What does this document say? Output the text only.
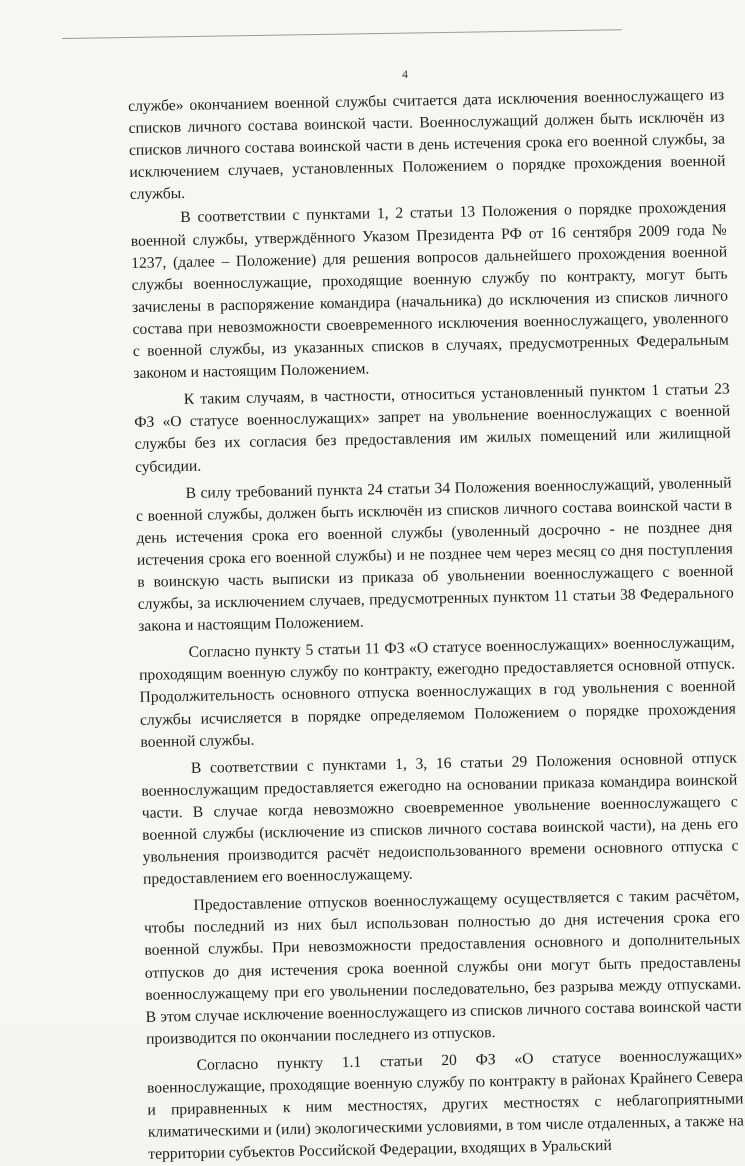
4

службе» окончанием военной службы считается дата исключения военнослужащего из списков личного состава воинской части. Военнослужащий должен быть исключён из списков личного состава воинской части в день истечения срока его военной службы, за исключением случаев, установленных Положением о порядке прохождения военной службы.

В соответствии с пунктами 1, 2 статьи 13 Положения о порядке прохождения военной службы, утверждённого Указом Президента РФ от 16 сентября 2009 года № 1237, (далее – Положение) для решения вопросов дальнейшего прохождения военной службы военнослужащие, проходящие военную службу по контракту, могут быть зачислены в распоряжение командира (начальника) до исключения из списков личного состава при невозможности своевременного исключения военнослужащего, уволенного с военной службы, из указанных списков в случаях, предусмотренных Федеральным законом и настоящим Положением.

К таким случаям, в частности, относиться установленный пунктом 1 статьи 23 ФЗ «О статусе военнослужащих» запрет на увольнение военнослужащих с военной службы без их согласия без предоставления им жилых помещений или жилищной субсидии.

В силу требований пункта 24 статьи 34 Положения военнослужащий, уволенный с военной службы, должен быть исключён из списков личного состава воинской части в день истечения срока его военной службы (уволенный досрочно - не позднее дня истечения срока его военной службы) и не позднее чем через месяц со дня поступления в воинскую часть выписки из приказа об увольнении военнослужащего с военной службы, за исключением случаев, предусмотренных пунктом 11 статьи 38 Федерального закона и настоящим Положением.

Согласно пункту 5 статьи 11 ФЗ «О статусе военнослужащих» военнослужащим, проходящим военную службу по контракту, ежегодно предоставляется основной отпуск. Продолжительность основного отпуска военнослужащих в год увольнения с военной службы исчисляется в порядке определяемом Положением о порядке прохождения военной службы.

В соответствии с пунктами 1, 3, 16 статьи 29 Положения основной отпуск военнослужащим предоставляется ежегодно на основании приказа командира воинской части. В случае когда невозможно своевременное увольнение военнослужащего с военной службы (исключение из списков личного состава воинской части), на день его увольнения производится расчёт недоиспользованного времени основного отпуска с предоставлением его военнослужащему.

Предоставление отпусков военнослужащему осуществляется с таким расчётом, чтобы последний из них был использован полностью до дня истечения срока его военной службы. При невозможности предоставления основного и дополнительных отпусков до дня истечения срока военной службы они могут быть предоставлены военнослужащему при его увольнении последовательно, без разрыва между отпусками. В этом случае исключение военнослужащего из списков личного состава воинской части производится по окончании последнего из отпусков.

Согласно пункту 1.1 статьи 20 ФЗ «О статусе военнослужащих» военнослужащие, проходящие военную службу по контракту в районах Крайнего Севера и приравненных к ним местностях, других местностях с неблагоприятными климатическими и (или) экологическими условиями, в том числе отдаленных, а также на территории субъектов Российской Федерации, входящих в Уральский
